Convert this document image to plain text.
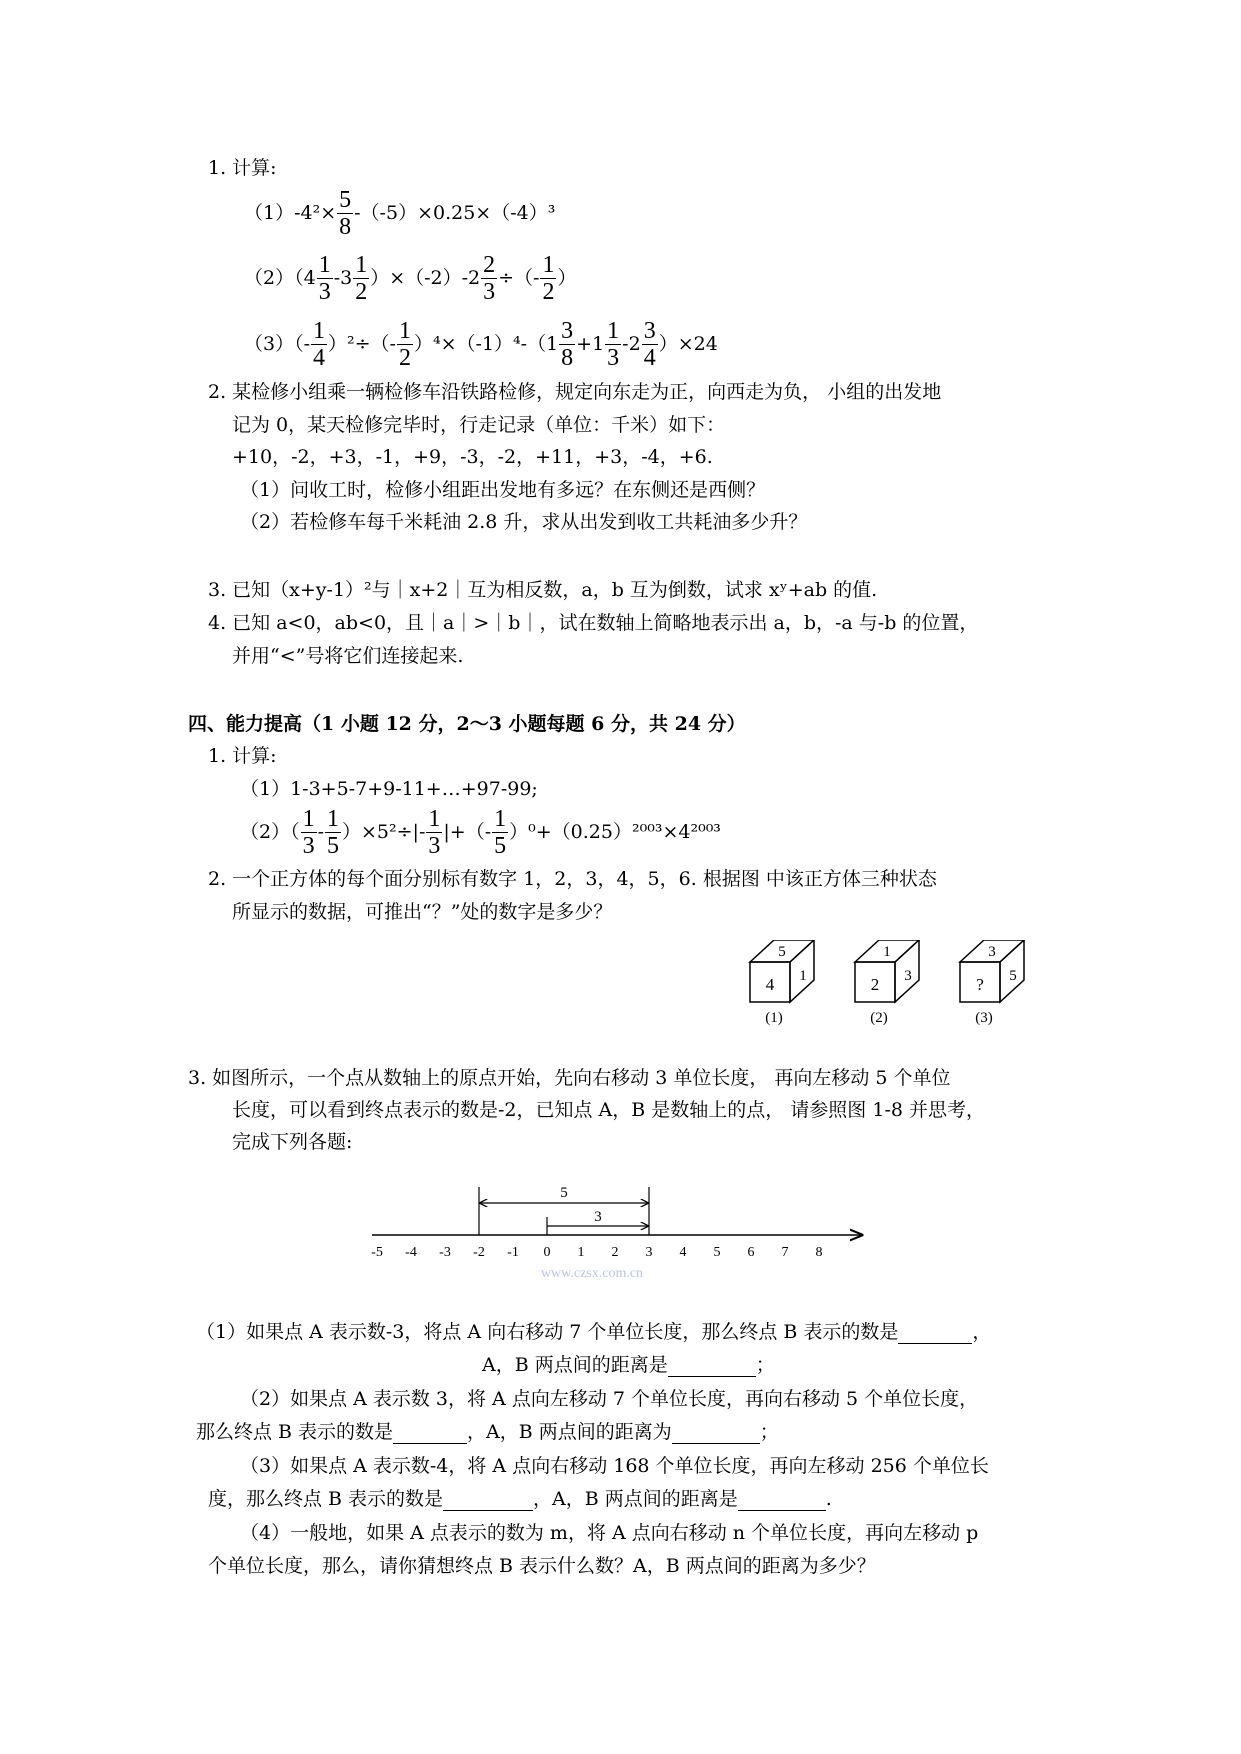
1. 计算:
$(1)-4^2\times \frac{5}{8} -(-5)\times 0.25\times(-4)^3$
$(2)(4 \frac{1}{3} -3 \frac{1}{2} )\times(-2)-2 \frac{2}{3}$ ÷（- $\frac{1}{2}$ ）
$(3)(- \frac{1}{4} )^2\div(- \frac{1}{2} )^4\times(-1)^4-(1 \frac{3}{8} +1 \frac{1}{3} -2 \frac{3}{4} )\times 24$
2. 某检修小组乘一辆检修车沿铁路检修，规定向东走为正，向西走为负， 小组的出发地
记为 0，某天检修完毕时，行走记录（单位：千米）如下：
+10，-2，+3，-1，+9，-3，-2，+11，+3，-4，+6.
（1）问收工时，检修小组距出发地有多远？在东侧还是西侧？
（2）若检修车每千米耗油 2.8 升，求从出发到收工共耗油多少升？
3. 已知（x+y-1）²与｜x+2｜互为相反数，a，b 互为倒数，试求 xʸ+ab 的值.
4. 已知 a<0，ab<0，且｜a｜>｜b｜，试在数轴上简略地表示出 a，b，-a 与-b 的位置，
并用“<”号将它们连接起来.
四、能力提高（1 小题 12 分，2～3 小题每题 6 分，共 24 分）
1. 计算:
（1）1-3+5-7+9-11+…+97-99;
$(2)( \frac{1}{3} - \frac{1}{5} )\times 5^2\div|- \frac{1}{3}$ |+（- $\frac{1}{5} )^0+(0.25)^{2003}\times 4^{2003}$
2. 一个正方体的每个面分别标有数字 1，2，3，4，5，6. 根据图 中该正方体三种状态
所显示的数据，可推出“？”处的数字是多少？
5
4 1
(1)
1
2 3
(2)
3
? 5
(3)
3. 如图所示，一个点从数轴上的原点开始，先向右移动 3 单位长度， 再向左移动 5 个单位
长度，可以看到终点表示的数是-2，已知点 A，B 是数轴上的点， 请参照图 1-8 并思考，
完成下列各题:
-5 -4 -3 -2 -1 0 1 2 3 4 5 6 7 8
5
3
www.czsx.com.cn
（1）如果点 A 表示数-3，将点 A 向右移动 7 个单位长度，那么终点 B 表示的数是	，
A，B 两点间的距离是	；
（2）如果点 A 表示数 3，将 A 点向左移动 7 个单位长度，再向右移动 5 个单位长度，
那么终点 B 表示的数是	，A，B 两点间的距离为	；
（3）如果点 A 表示数-4，将 A 点向右移动 168 个单位长度，再向左移动 256 个单位长
度，那么终点 B 表示的数是	，A，B 两点间的距离是	.
（4）一般地，如果 A 点表示的数为 m，将 A 点向右移动 n 个单位长度，再向左移动 p
个单位长度，那么，请你猜想终点 B 表示什么数？A，B 两点间的距离为多少？
